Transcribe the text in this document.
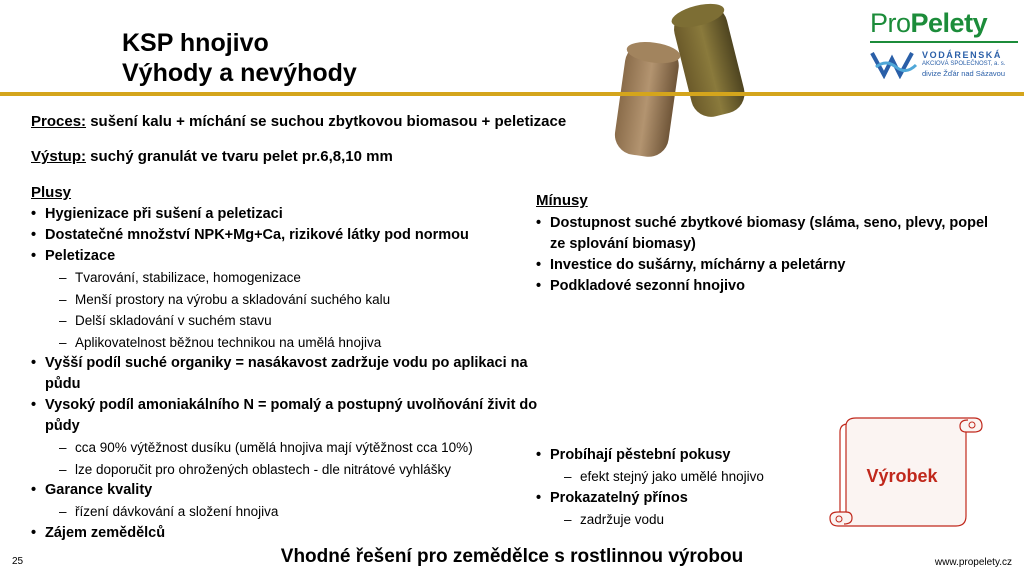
KSP hnojivo
Výhody a nevýhody
ProPelety
VODÁRENSKÁ
AKCIOVÁ SPOLEČNOST, a. s.
divize Žďár nad Sázavou
Proces: sušení kalu + míchání se suchou zbytkovou biomasou + peletizace
Výstup: suchý granulát ve tvaru pelet pr.6,8,10 mm
Plusy
• Hygienizace při sušení a peletizaci
• Dostatečné množství NPK+Mg+Ca, rizikové látky pod normou
• Peletizace
– Tvarování, stabilizace, homogenizace
– Menší prostory na výrobu a skladování suchého kalu
– Delší skladování v suchém stavu
– Aplikovatelnost běžnou technikou na umělá hnojiva
• Vyšší podíl suché organiky = nasákavost zadržuje vodu po aplikaci na půdu
• Vysoký podíl amoniakálního N = pomalý a postupný uvolňování živit do půdy
– cca 90% výtěžnost dusíku (umělá hnojiva mají výtěžnost cca 10%)
– lze doporučit pro ohrožených oblastech - dle nitrátové vyhlášky
• Garance kvality
– řízení dávkování a složení hnojiva
• Zájem zemědělců
Mínusy
• Dostupnost suché zbytkové biomasy (sláma, seno, plevy, popel ze splování biomasy)
• Investice do sušárny, míchárny a peletárny
• Podkladové sezonní hnojivo
• Probíhají pěstební pokusy
– efekt stejný jako umělé hnojivo
• Prokazatelný přínos
– zadržuje vodu
Výrobek
Vhodné řešení pro zemědělce s rostlinnou výrobou
25	www.propelety.cz
